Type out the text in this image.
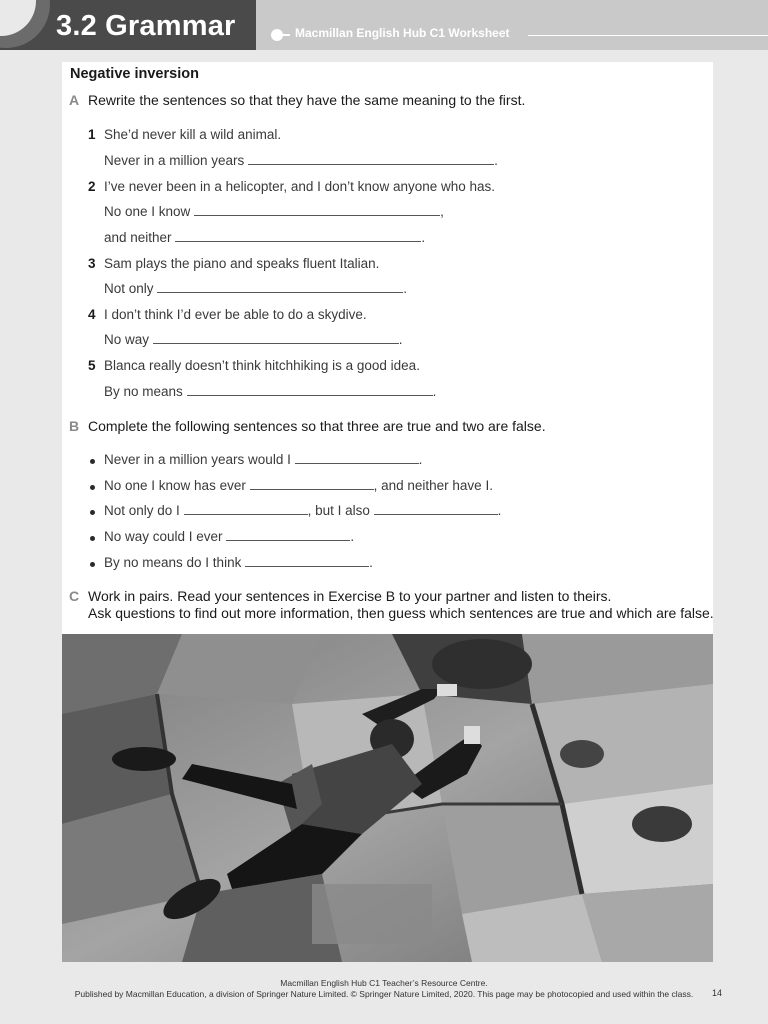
3.2 Grammar	Macmillan English Hub C1 Worksheet
Negative inversion
A Rewrite the sentences so that they have the same meaning to the first.
1 She’d never kill a wild animal.
Never in a million years	.
2 I’ve never been in a helicopter, and I don’t know anyone who has.
No one I know	,
and neither	.
3 Sam plays the piano and speaks fluent Italian.
Not only	.
4 I don’t think I’d ever be able to do a skydive.
No way	.
5 Blanca really doesn’t think hitchhiking is a good idea.
By no means	.
B Complete the following sentences so that three are true and two are false.
Never in a million years would I	.
No one I know has ever	, and neither have I.
Not only do I	, but I also	.
No way could I ever	.
By no means do I think	.
C Work in pairs. Read your sentences in Exercise B to your partner and listen to theirs.
Ask questions to find out more information, then guess which sentences are true and which are false.
Macmillan English Hub C1 Teacher’s Resource Centre.
Published by Macmillan Education, a division of Springer Nature Limited. © Springer Nature Limited, 2020. This page may be photocopied and used within the class.	14
